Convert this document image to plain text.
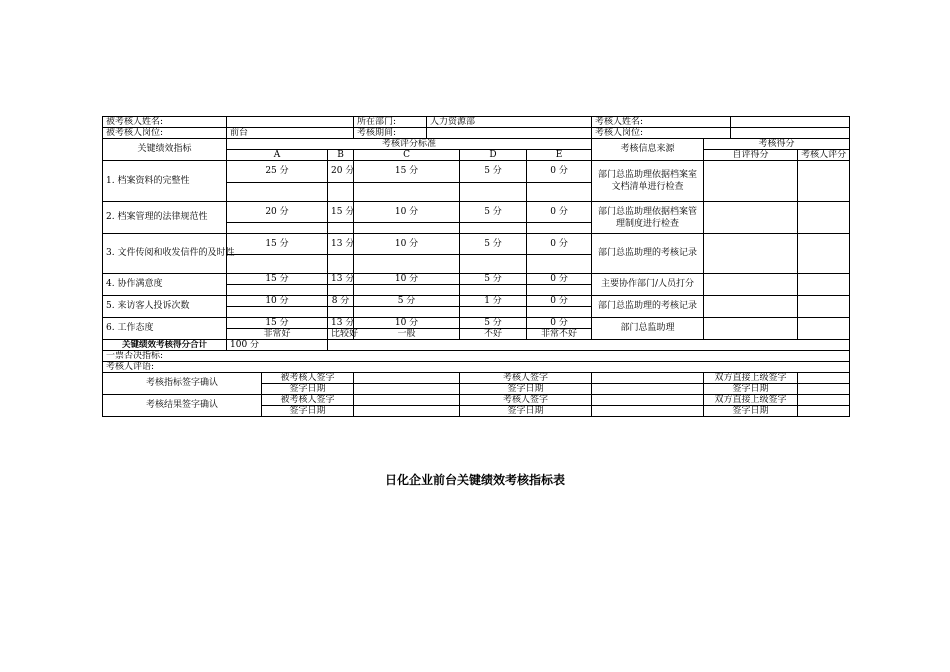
被考核人姓名:				所在部门:	人力资源部			考核人姓名:			
被考核人岗位:	前台			考核期间:				考核人岗位:			
关键绩效指标	考核评分标准							考核信息来源	考核得分		
	A		B	C		D	E		自评得分		考核人评分
1. 档案资料的完整性	25 分		20 分	15 分		5 分	0 分	部门总监助理依据档案室文档清单进行检查			

2. 档案管理的法律规范性	20 分		15 分	10 分		5 分	0 分	部门总监助理依据档案管理制度进行检查			

3. 文件传阅和收发信件的及时性	15 分		13 分	10 分		5 分	0 分	部门总监助理的考核记录			

4. 协作满意度	15 分		13 分	10 分		5 分	0 分	主要协作部门/人员打分			

5. 来访客人投诉次数	10 分		8 分	5 分		1 分	0 分	部门总监助理的考核记录			

6. 工作态度	15 分		13 分	10 分		5 分	0 分	部门总监助理			
	非常好		比较好	一般		不好	非常不好				
关键绩效考核得分合计	100 分										
一票否决指标:											
考核人评语:											
考核指标签字确认		被考核人签字				考核人签字			双方直接上级签字		
		签字日期				签字日期			签字日期		
考核结果签字确认		被考核人签字				考核人签字			双方直接上级签字		
		签字日期				签字日期			签字日期		
日化企业前台关键绩效考核指标表
